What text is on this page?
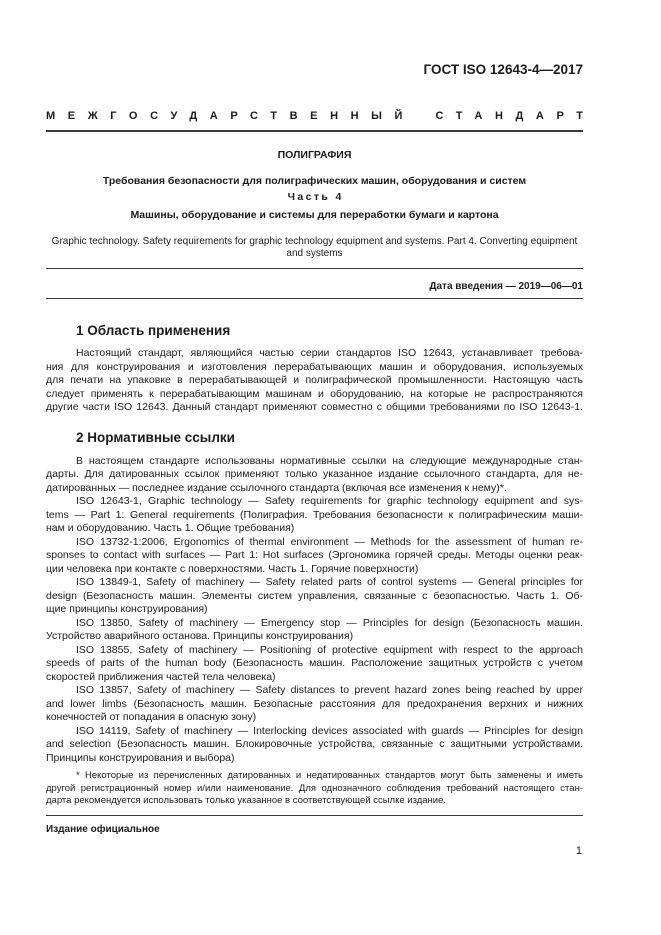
ГОСТ ISO 12643-4—2017
МЕЖГОСУДАРСТВЕННЫЙ СТАНДАРТ
ПОЛИГРАФИЯ
Требования безопасности для полиграфических машин, оборудования и систем
Часть 4
Машины, оборудование и системы для переработки бумаги и картона
Graphic technology. Safety requirements for graphic technology equipment and systems. Part 4. Converting equipment
and systems
Дата введения — 2019—06—01
1 Область применения
Настоящий стандарт, являющийся частью серии стандартов ISO 12643, устанавливает требова-
ния для конструирования и изготовления перерабатывающих машин и оборудования, используемых
для печати на упаковке в перерабатывающей и полиграфической промышленности. Настоящую часть
следует применять к перерабатывающим машинам и оборудованию, на которые не распространяются
другие части ISO 12643. Данный стандарт применяют совместно с общими требованиями по ISO 12643-1.
2 Нормативные ссылки
В настоящем стандарте использованы нормативные ссылки на следующие международные стан-
дарты. Для датированных ссылок применяют только указанное издание ссылочного стандарта, для не-
датированных — последнее издание ссылочного стандарта (включая все изменения к нему)*.
ISO 12643-1, Graphic technology — Safety requirements for graphic technology equipment and sys-
tems — Part 1: General requirements (Полиграфия. Требования безопасности к полиграфическим маши-
нам и оборудованию. Часть 1. Общие требования)
ISO 13732-1:2006, Ergonomics of thermal environment — Methods for the assessment of human re-
sponses to contact with surfaces — Part 1: Hot surfaces (Эргономика горячей среды. Методы оценки реак-
ции человека при контакте с поверхностями. Часть 1. Горячие поверхности)
ISO 13849-1, Safety of machinery — Safety related parts of control systems — General principles for
design (Безопасность машин. Элементы систем управления, связанные с безопасностью. Часть 1. Об-
щие принципы конструирования)
ISO 13850, Safety of machinery — Emergency stop — Principles for design (Безопасность машин.
Устройство аварийного останова. Принципы конструирования)
ISO 13855, Safety of machinery — Positioning of protective equipment with respect to the approach
speeds of parts of the human body (Безопасность машин. Расположение защитных устройств с учетом
скоростей приближения частей тела человека)
ISO 13857, Safety of machinery — Safety distances to prevent hazard zones being reached by upper
and lower limbs (Безопасность машин. Безопасные расстояния для предохранения верхних и нижних
конечностей от попадания в опасную зону)
ISO 14119, Safety of machinery — Interlocking devices associated with guards — Principles for design
and selection (Безопасность машин. Блокировочные устройства, связанные с защитными устройствами.
Принципы конструирования и выбора)
* Некоторые из перечисленных датированных и недатированных стандартов могут быть заменены и иметь
другой регистрационный номер и/или наименование. Для однозначного соблюдения требований настоящего стан-
дарта рекомендуется использовать только указанное в соответствующей ссылке издание.
Издание официальное
1
